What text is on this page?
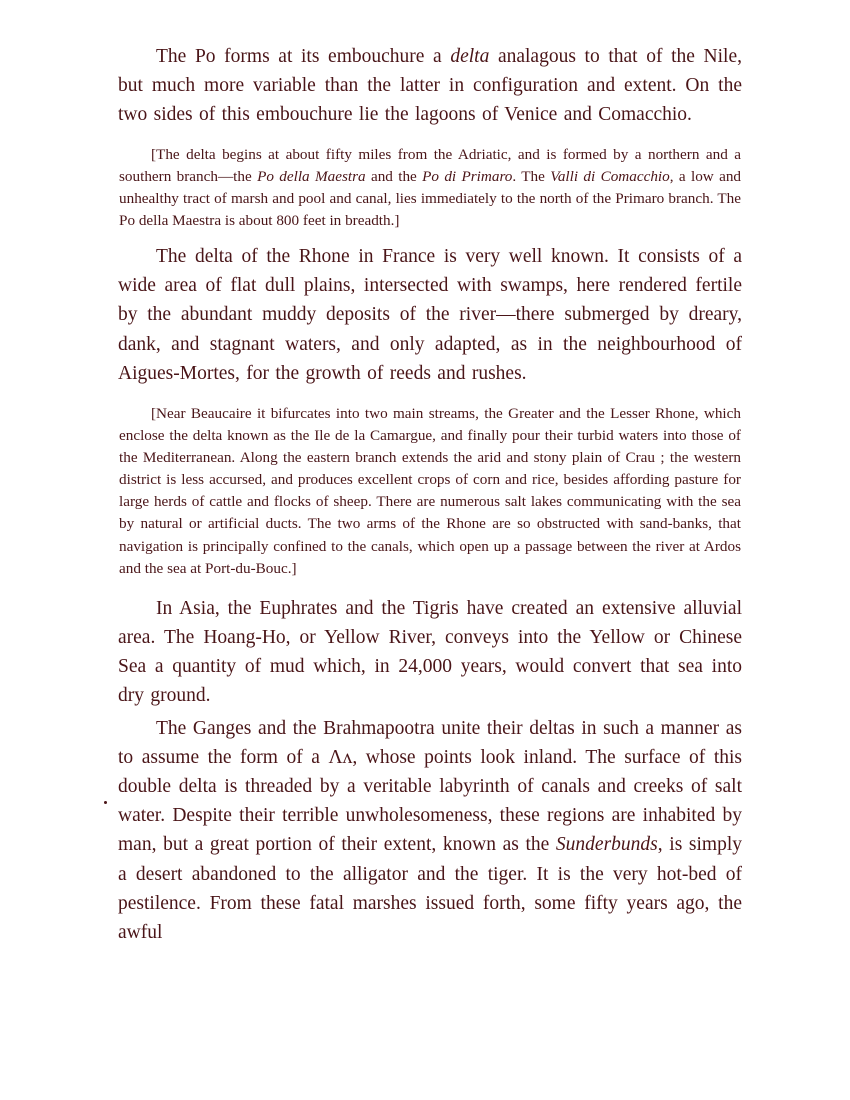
The Po forms at its embouchure a delta analagous to that of the Nile, but much more variable than the latter in configuration and extent. On the two sides of this embouchure lie the lagoons of Venice and Comacchio.

[The delta begins at about fifty miles from the Adriatic, and is formed by a northern and a southern branch—the Po della Maestra and the Po di Primaro. The Valli di Comacchio, a low and unhealthy tract of marsh and pool and canal, lies immediately to the north of the Primaro branch. The Po della Maestra is about 800 feet in breadth.]

The delta of the Rhone in France is very well known. It consists of a wide area of flat dull plains, intersected with swamps, here rendered fertile by the abundant muddy deposits of the river—there submerged by dreary, dank, and stagnant waters, and only adapted, as in the neighbourhood of Aigues-Mortes, for the growth of reeds and rushes.

[Near Beaucaire it bifurcates into two main streams, the Greater and the Lesser Rhone, which enclose the delta known as the Ile de la Camargue, and finally pour their turbid waters into those of the Mediterranean. Along the eastern branch extends the arid and stony plain of Crau ; the western district is less accursed, and produces excellent crops of corn and rice, besides affording pasture for large herds of cattle and flocks of sheep. There are numerous salt lakes communicating with the sea by natural or artificial ducts. The two arms of the Rhone are so obstructed with sand-banks, that navigation is principally confined to the canals, which open up a passage between the river at Ardos and the sea at Port-du-Bouc.]

In Asia, the Euphrates and the Tigris have created an extensive alluvial area. The Hoang-Ho, or Yellow River, conveys into the Yellow or Chinese Sea a quantity of mud which, in 24,000 years, would convert that sea into dry ground.

The Ganges and the Brahmapootra unite their deltas in such a manner as to assume the form of a Ʌʌ, whose points look inland. The surface of this double delta is threaded by a veritable labyrinth of canals and creeks of salt water. Despite their terrible unwholesomeness, these regions are inhabited by man, but a great portion of their extent, known as the Sunderbunds, is simply a desert abandoned to the alligator and the tiger. It is the very hot-bed of pestilence. From these fatal marshes issued forth, some fifty years ago, the awful
